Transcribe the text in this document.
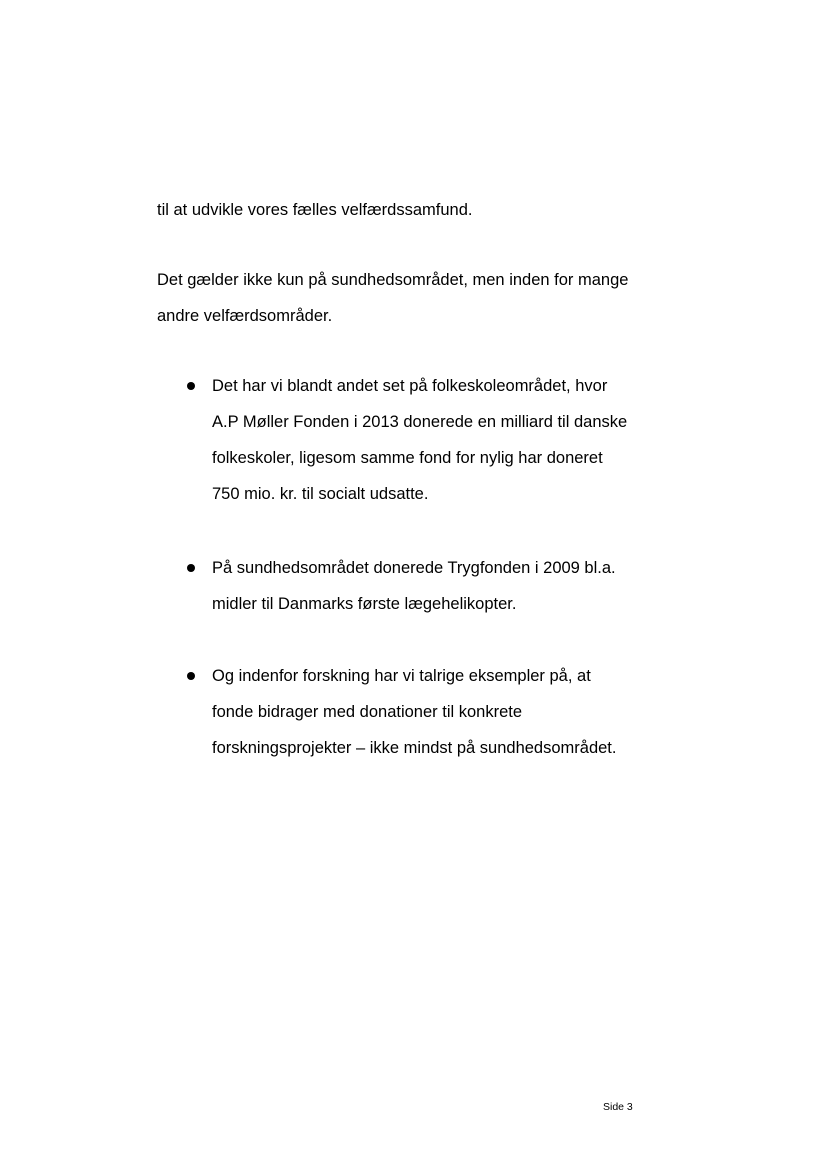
til at udvikle vores fælles velfærdssamfund.
Det gælder ikke kun på sundhedsområdet, men inden for mange
andre velfærdsområder.
Det har vi blandt andet set på folkeskoleområdet, hvor
A.P Møller Fonden i 2013 donerede en milliard til danske
folkeskoler, ligesom samme fond for nylig har doneret
750 mio. kr. til socialt udsatte.
På sundhedsområdet donerede Trygfonden i 2009 bl.a.
midler til Danmarks første lægehelikopter.
Og indenfor forskning har vi talrige eksempler på, at
fonde bidrager med donationer til konkrete
forskningsprojekter – ikke mindst på sundhedsområdet.
Side 3
